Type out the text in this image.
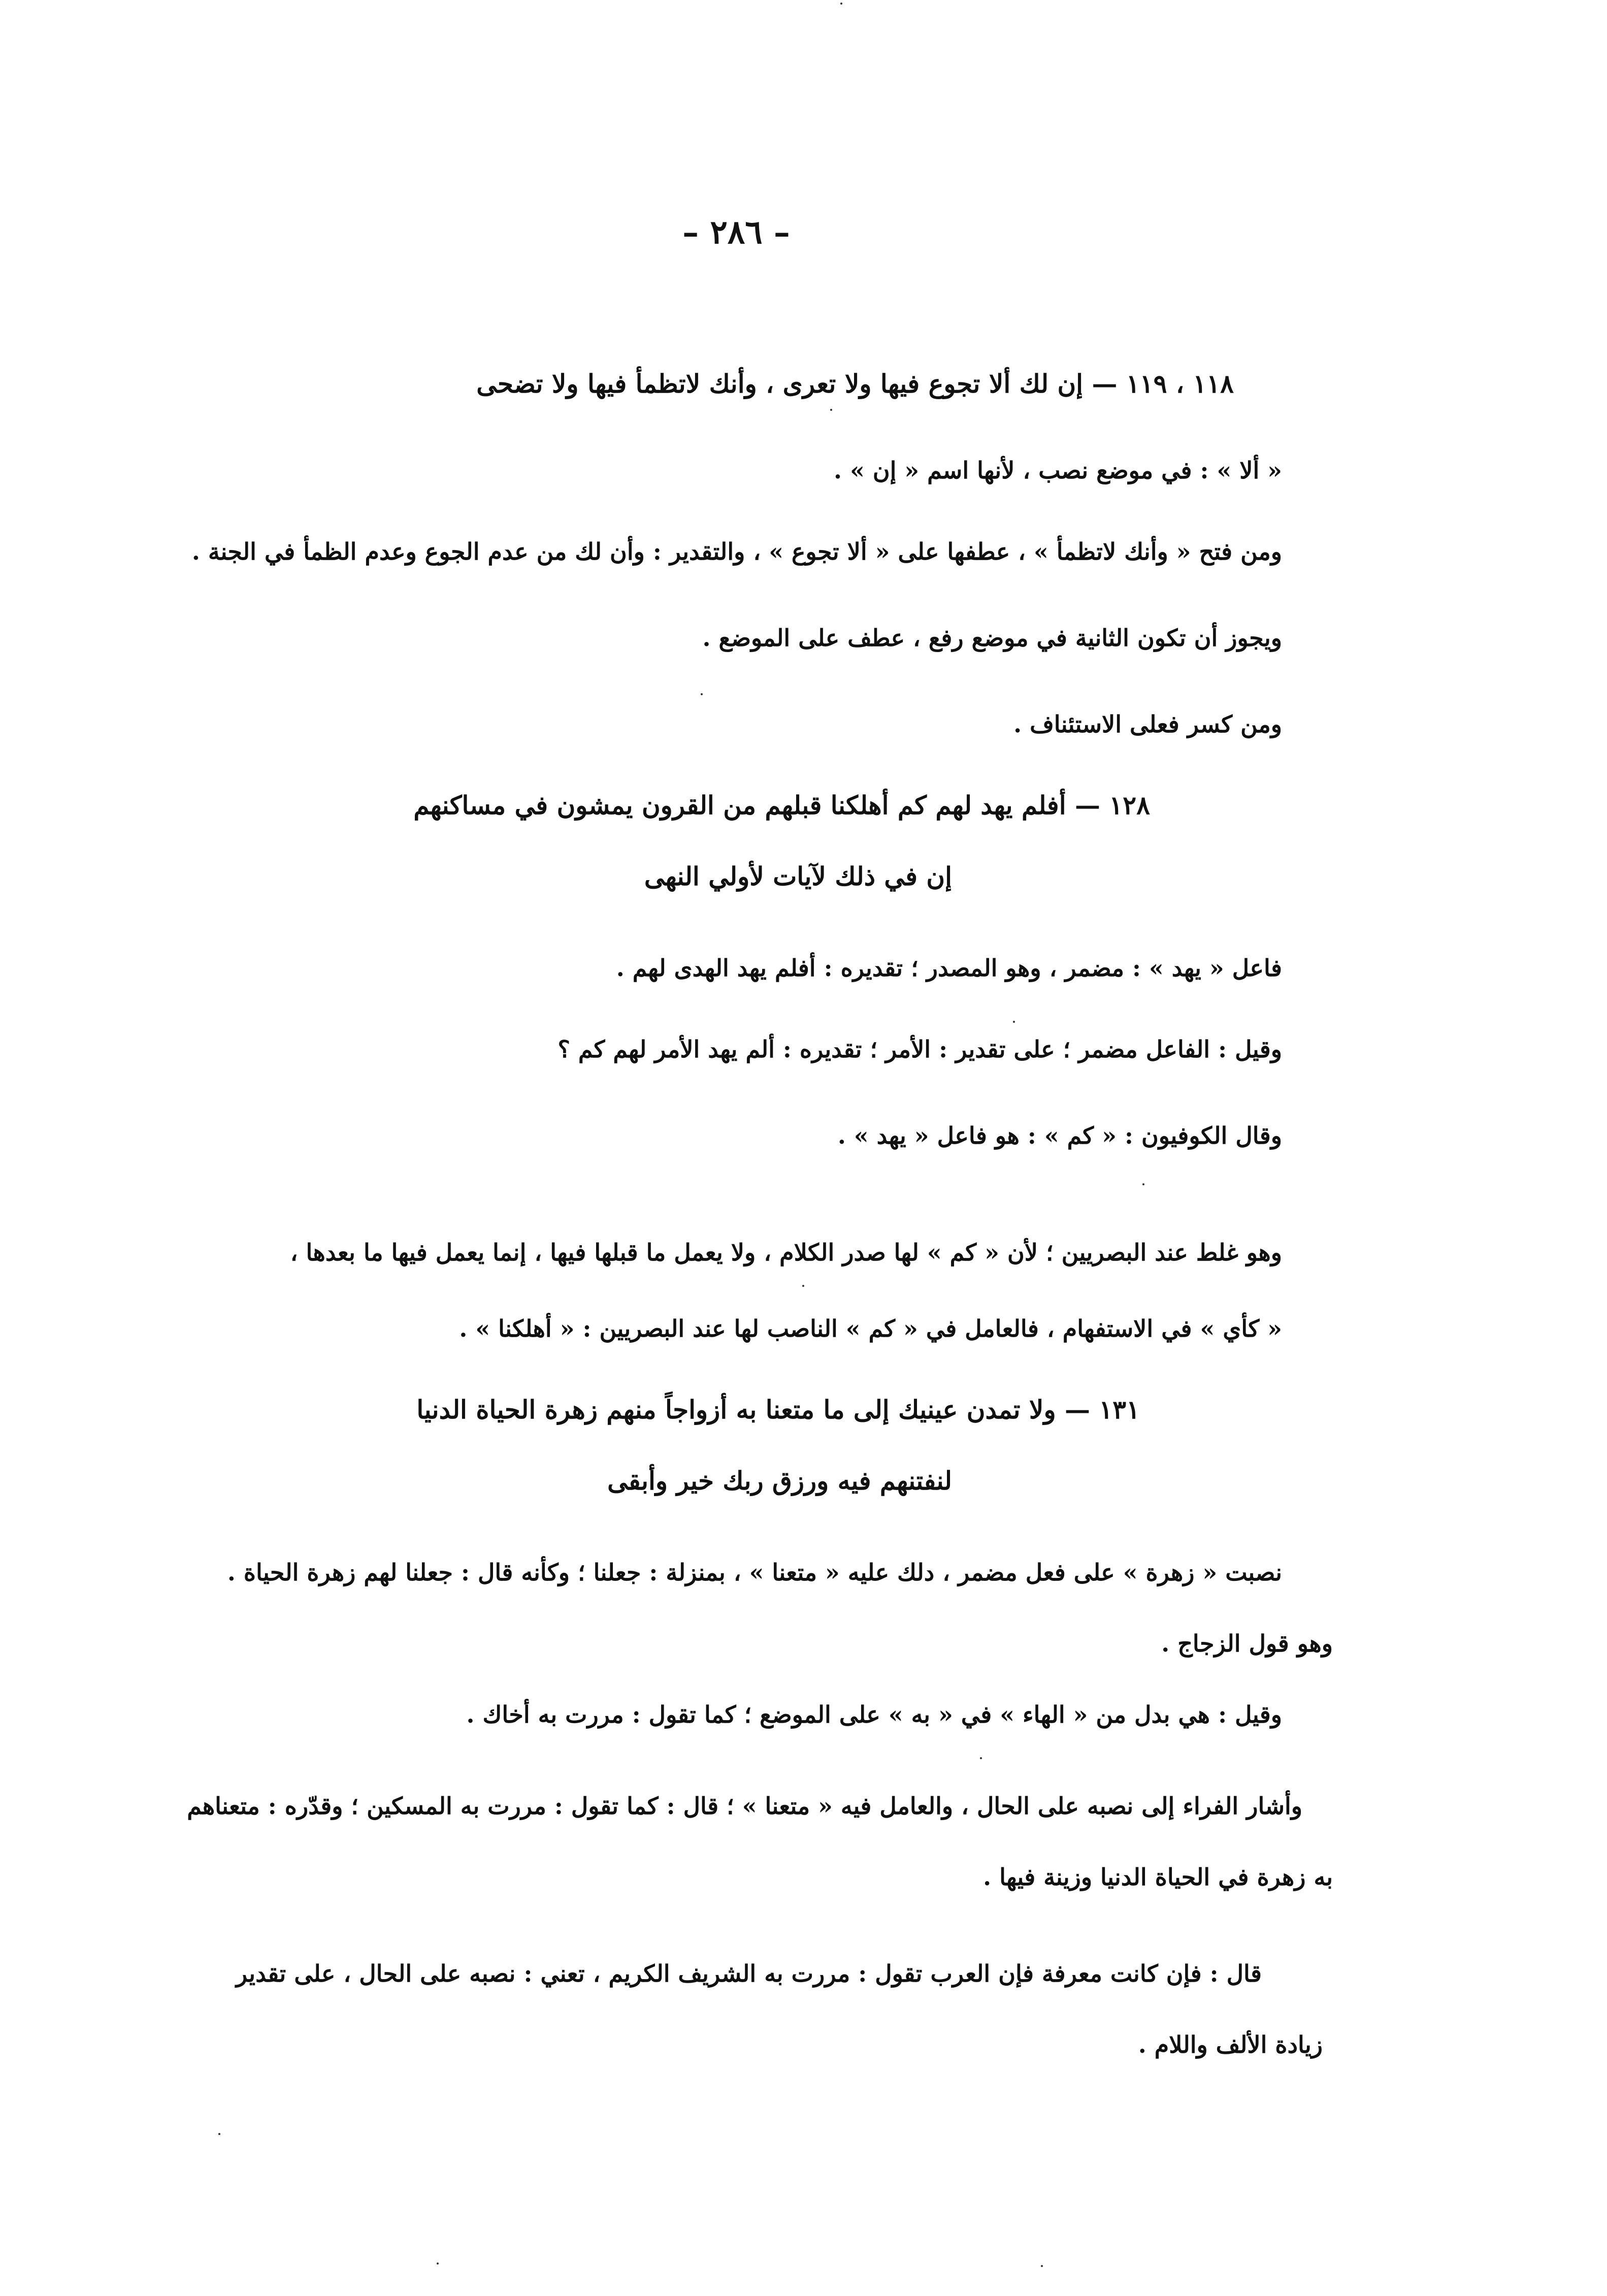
– ٢٨٦ –
١١٨ ، ١١٩ — إن لك ألا تجوع فيها ولا تعرى ، وأنك لاتظمأ فيها ولا تضحى
« ألا » : في موضع نصب ، لأنها اسم « إن » .
ومن فتح « وأنك لاتظمأ » ، عطفها على « ألا تجوع » ، والتقدير : وأن لك من عدم الجوع وعدم الظمأ في الجنة .
ويجوز أن تكون الثانية في موضع رفع ، عطف على الموضع .
ومن كسر فعلى الاستئناف .
١٢٨ — أفلم يهد لهم كم أهلكنا قبلهم من القرون يمشون في مساكنهم
إن في ذلك لآيات لأولي النهى
فاعل « يهد » : مضمر ، وهو المصدر ؛ تقديره : أفلم يهد الهدى لهم .
وقيل : الفاعل مضمر ؛ على تقدير : الأمر ؛ تقديره : ألم يهد الأمر لهم كم ؟
وقال الكوفيون : « كم » : هو فاعل « يهد » .
وهو غلط عند البصريين ؛ لأن « كم » لها صدر الكلام ، ولا يعمل ما قبلها فيها ، إنما يعمل فيها ما بعدها ،
« كأي » في الاستفهام ، فالعامل في « كم » الناصب لها عند البصريين : « أهلكنا » .
١٣١ — ولا تمدن عينيك إلى ما متعنا به أزواجاً منهم زهرة الحياة الدنيا
لنفتنهم فيه ورزق ربك خير وأبقى
نصبت « زهرة » على فعل مضمر ، دلك عليه « متعنا » ، بمنزلة : جعلنا ؛ وكأنه قال : جعلنا لهم زهرة الحياة .
وهو قول الزجاج .
وقيل : هي بدل من « الهاء » في « به » على الموضع ؛ كما تقول : مررت به أخاك .
وأشار الفراء إلى نصبه على الحال ، والعامل فيه « متعنا » ؛ قال : كما تقول : مررت به المسكين ؛ وقدّره : متعناهم
به زهرة في الحياة الدنيا وزينة فيها .
قال : فإن كانت معرفة فإن العرب تقول : مررت به الشريف الكريم ، تعني : نصبه على الحال ، على تقدير
زيادة الألف واللام .
